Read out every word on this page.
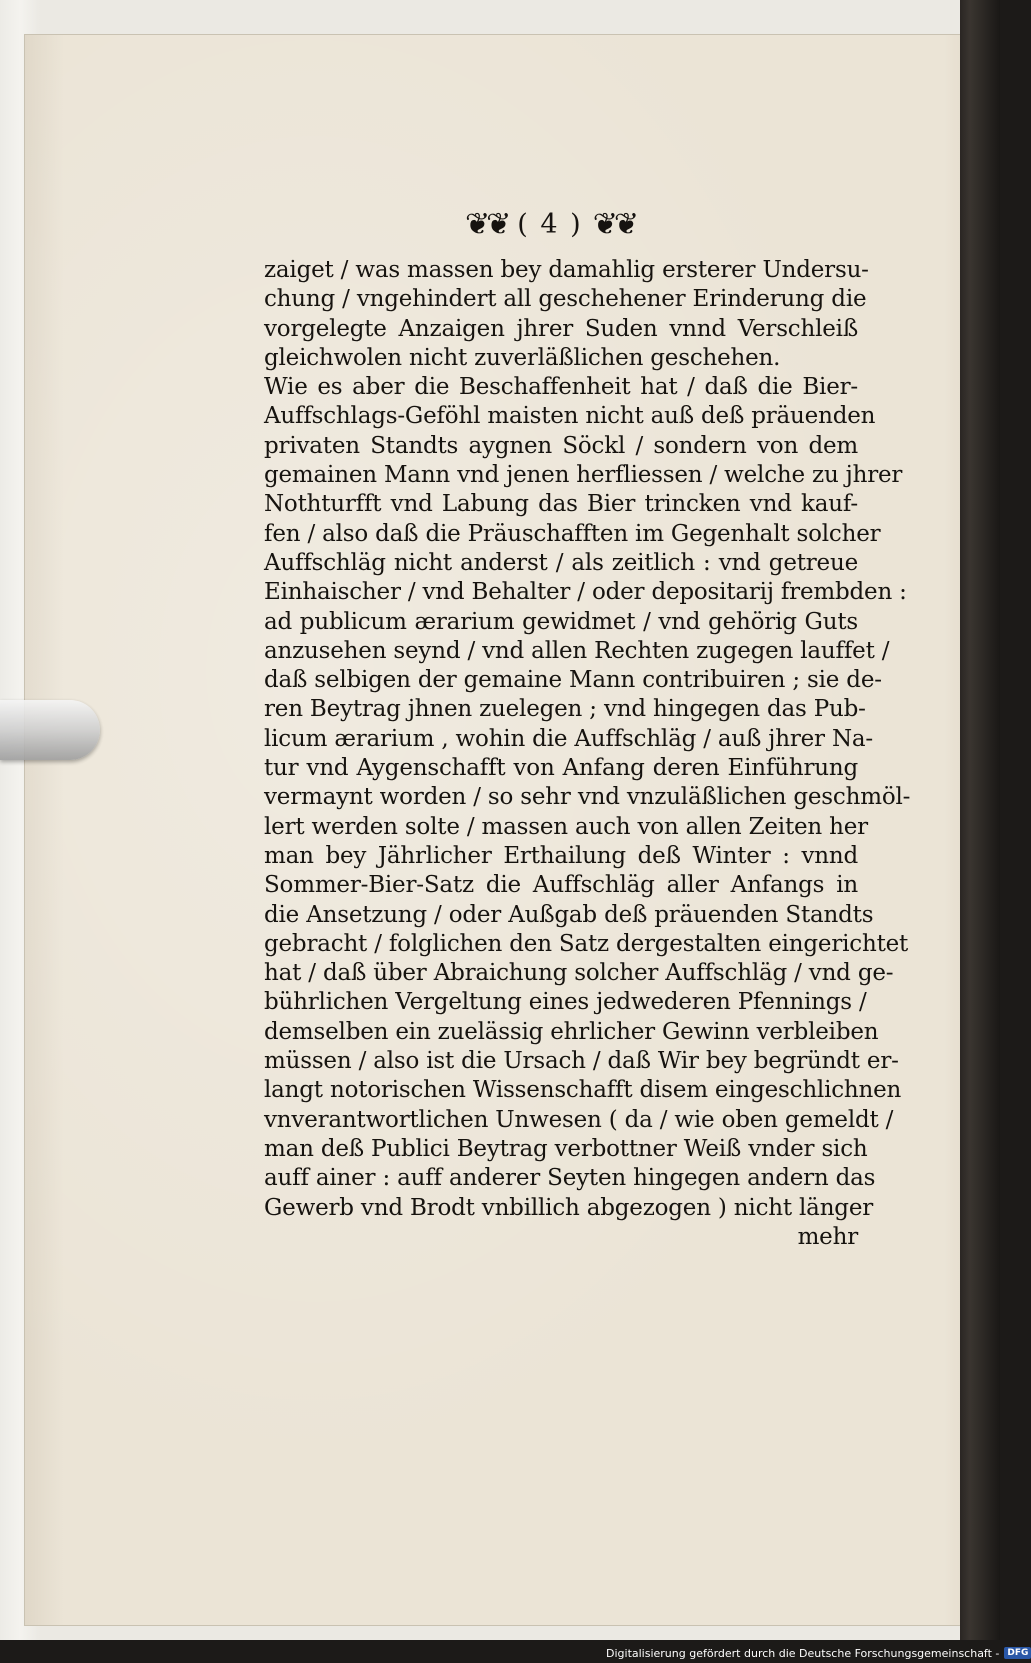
❦❦ ( 4 ) ❦❦
zaiget / was massen bey damahlig ersterer Undersu-
chung / vngehindert all geschehener Erinderung die
vorgelegte Anzaigen jhrer Suden vnnd Verschleiß
gleichwolen nicht zuverläßlichen geschehen.
Wie es aber die Beschaffenheit hat / daß die Bier-
Auffschlags-Geföhl maisten nicht auß deß präuenden
privaten Standts aygnen Söckl / sondern von dem
gemainen Mann vnd jenen herfliessen / welche zu jhrer
Nothturfft vnd Labung das Bier trincken vnd kauf-
fen / also daß die Präuschafften im Gegenhalt solcher
Auffschläg nicht anderst / als zeitlich : vnd getreue
Einhaischer / vnd Behalter / oder depositarij frembden :
ad publicum ærarium gewidmet / vnd gehörig Guts
anzusehen seynd / vnd allen Rechten zugegen lauffet /
daß selbigen der gemaine Mann contribuiren ; sie de-
ren Beytrag jhnen zuelegen ; vnd hingegen das Pub-
licum ærarium , wohin die Auffschläg / auß jhrer Na-
tur vnd Aygenschafft von Anfang deren Einführung
vermaynt worden / so sehr vnd vnzuläßlichen geschmöl-
lert werden solte / massen auch von allen Zeiten her
man bey Jährlicher Erthailung deß Winter : vnnd
Sommer-Bier-Satz die Auffschläg aller Anfangs in
die Ansetzung / oder Außgab deß präuenden Standts
gebracht / folglichen den Satz dergestalten eingerichtet
hat / daß über Abraichung solcher Auffschläg / vnd ge-
bührlichen Vergeltung eines jedwederen Pfennings /
demselben ein zuelässig ehrlicher Gewinn verbleiben
müssen / also ist die Ursach / daß Wir bey begründt er-
langt notorischen Wissenschafft disem eingeschlichnen
vnverantwortlichen Unwesen ( da / wie oben gemeldt /
man deß Publici Beytrag verbottner Weiß vnder sich
auff ainer : auff anderer Seyten hingegen andern das
Gewerb vnd Brodt vnbillich abgezogen ) nicht länger
mehr
Digitalisierung gefördert durch die Deutsche Forschungsgemeinschaft - DFG
